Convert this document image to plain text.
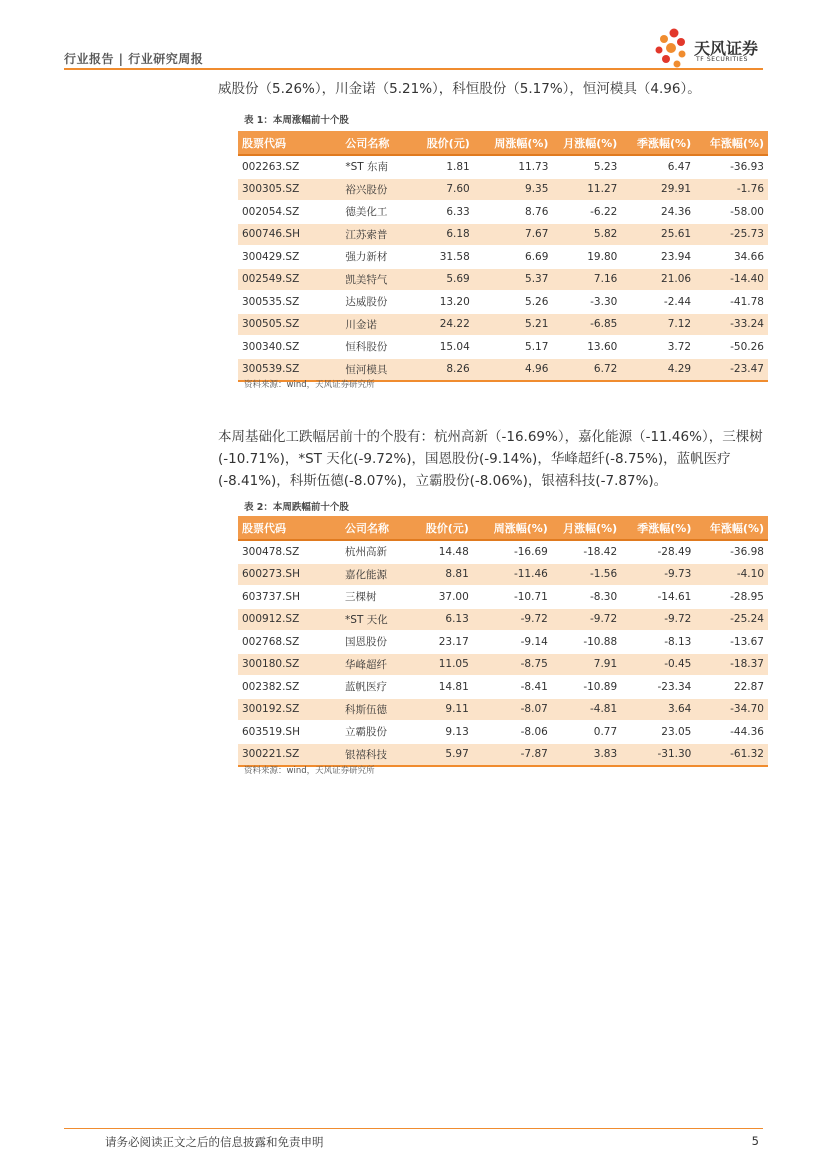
行业报告 | 行业研究周报
天风证券
TF SECURITIES
威股份（5.26%），川金诺（5.21%），科恒股份（5.17%），恒河模具（4.96）。
表 1：本周涨幅前十个股
股票代码	公司名称	股价(元)	周涨幅(%)	月涨幅(%)	季涨幅(%)	年涨幅(%)
002263.SZ	*ST 东南	1.81	11.73	5.23	6.47	-36.93
300305.SZ	裕兴股份	7.60	9.35	11.27	29.91	-1.76
002054.SZ	德美化工	6.33	8.76	-6.22	24.36	-58.00
600746.SH	江苏索普	6.18	7.67	5.82	25.61	-25.73
300429.SZ	强力新材	31.58	6.69	19.80	23.94	34.66
002549.SZ	凯美特气	5.69	5.37	7.16	21.06	-14.40
300535.SZ	达威股份	13.20	5.26	-3.30	-2.44	-41.78
300505.SZ	川金诺	24.22	5.21	-6.85	7.12	-33.24
300340.SZ	恒科股份	15.04	5.17	13.60	3.72	-50.26
300539.SZ	恒河模具	8.26	4.96	6.72	4.29	-23.47
资料来源：wind，天风证券研究所
本周基础化工跌幅居前十的个股有：杭州高新（-16.69%），嘉化能源（-11.46%），三棵树(-10.71%)，*ST 天化(-9.72%)，国恩股份(-9.14%)，华峰超纤(-8.75%)，蓝帆医疗(-8.41%)，科斯伍德(-8.07%)，立霸股份(-8.06%)，银禧科技(-7.87%)。
表 2：本周跌幅前十个股
股票代码	公司名称	股价(元)	周涨幅(%)	月涨幅(%)	季涨幅(%)	年涨幅(%)
300478.SZ	杭州高新	14.48	-16.69	-18.42	-28.49	-36.98
600273.SH	嘉化能源	8.81	-11.46	-1.56	-9.73	-4.10
603737.SH	三棵树	37.00	-10.71	-8.30	-14.61	-28.95
000912.SZ	*ST 天化	6.13	-9.72	-9.72	-9.72	-25.24
002768.SZ	国恩股份	23.17	-9.14	-10.88	-8.13	-13.67
300180.SZ	华峰超纤	11.05	-8.75	7.91	-0.45	-18.37
002382.SZ	蓝帆医疗	14.81	-8.41	-10.89	-23.34	22.87
300192.SZ	科斯伍德	9.11	-8.07	-4.81	3.64	-34.70
603519.SH	立霸股份	9.13	-8.06	0.77	23.05	-44.36
300221.SZ	银禧科技	5.97	-7.87	3.83	-31.30	-61.32
资料来源：wind，天风证券研究所
请务必阅读正文之后的信息披露和免责申明	5
